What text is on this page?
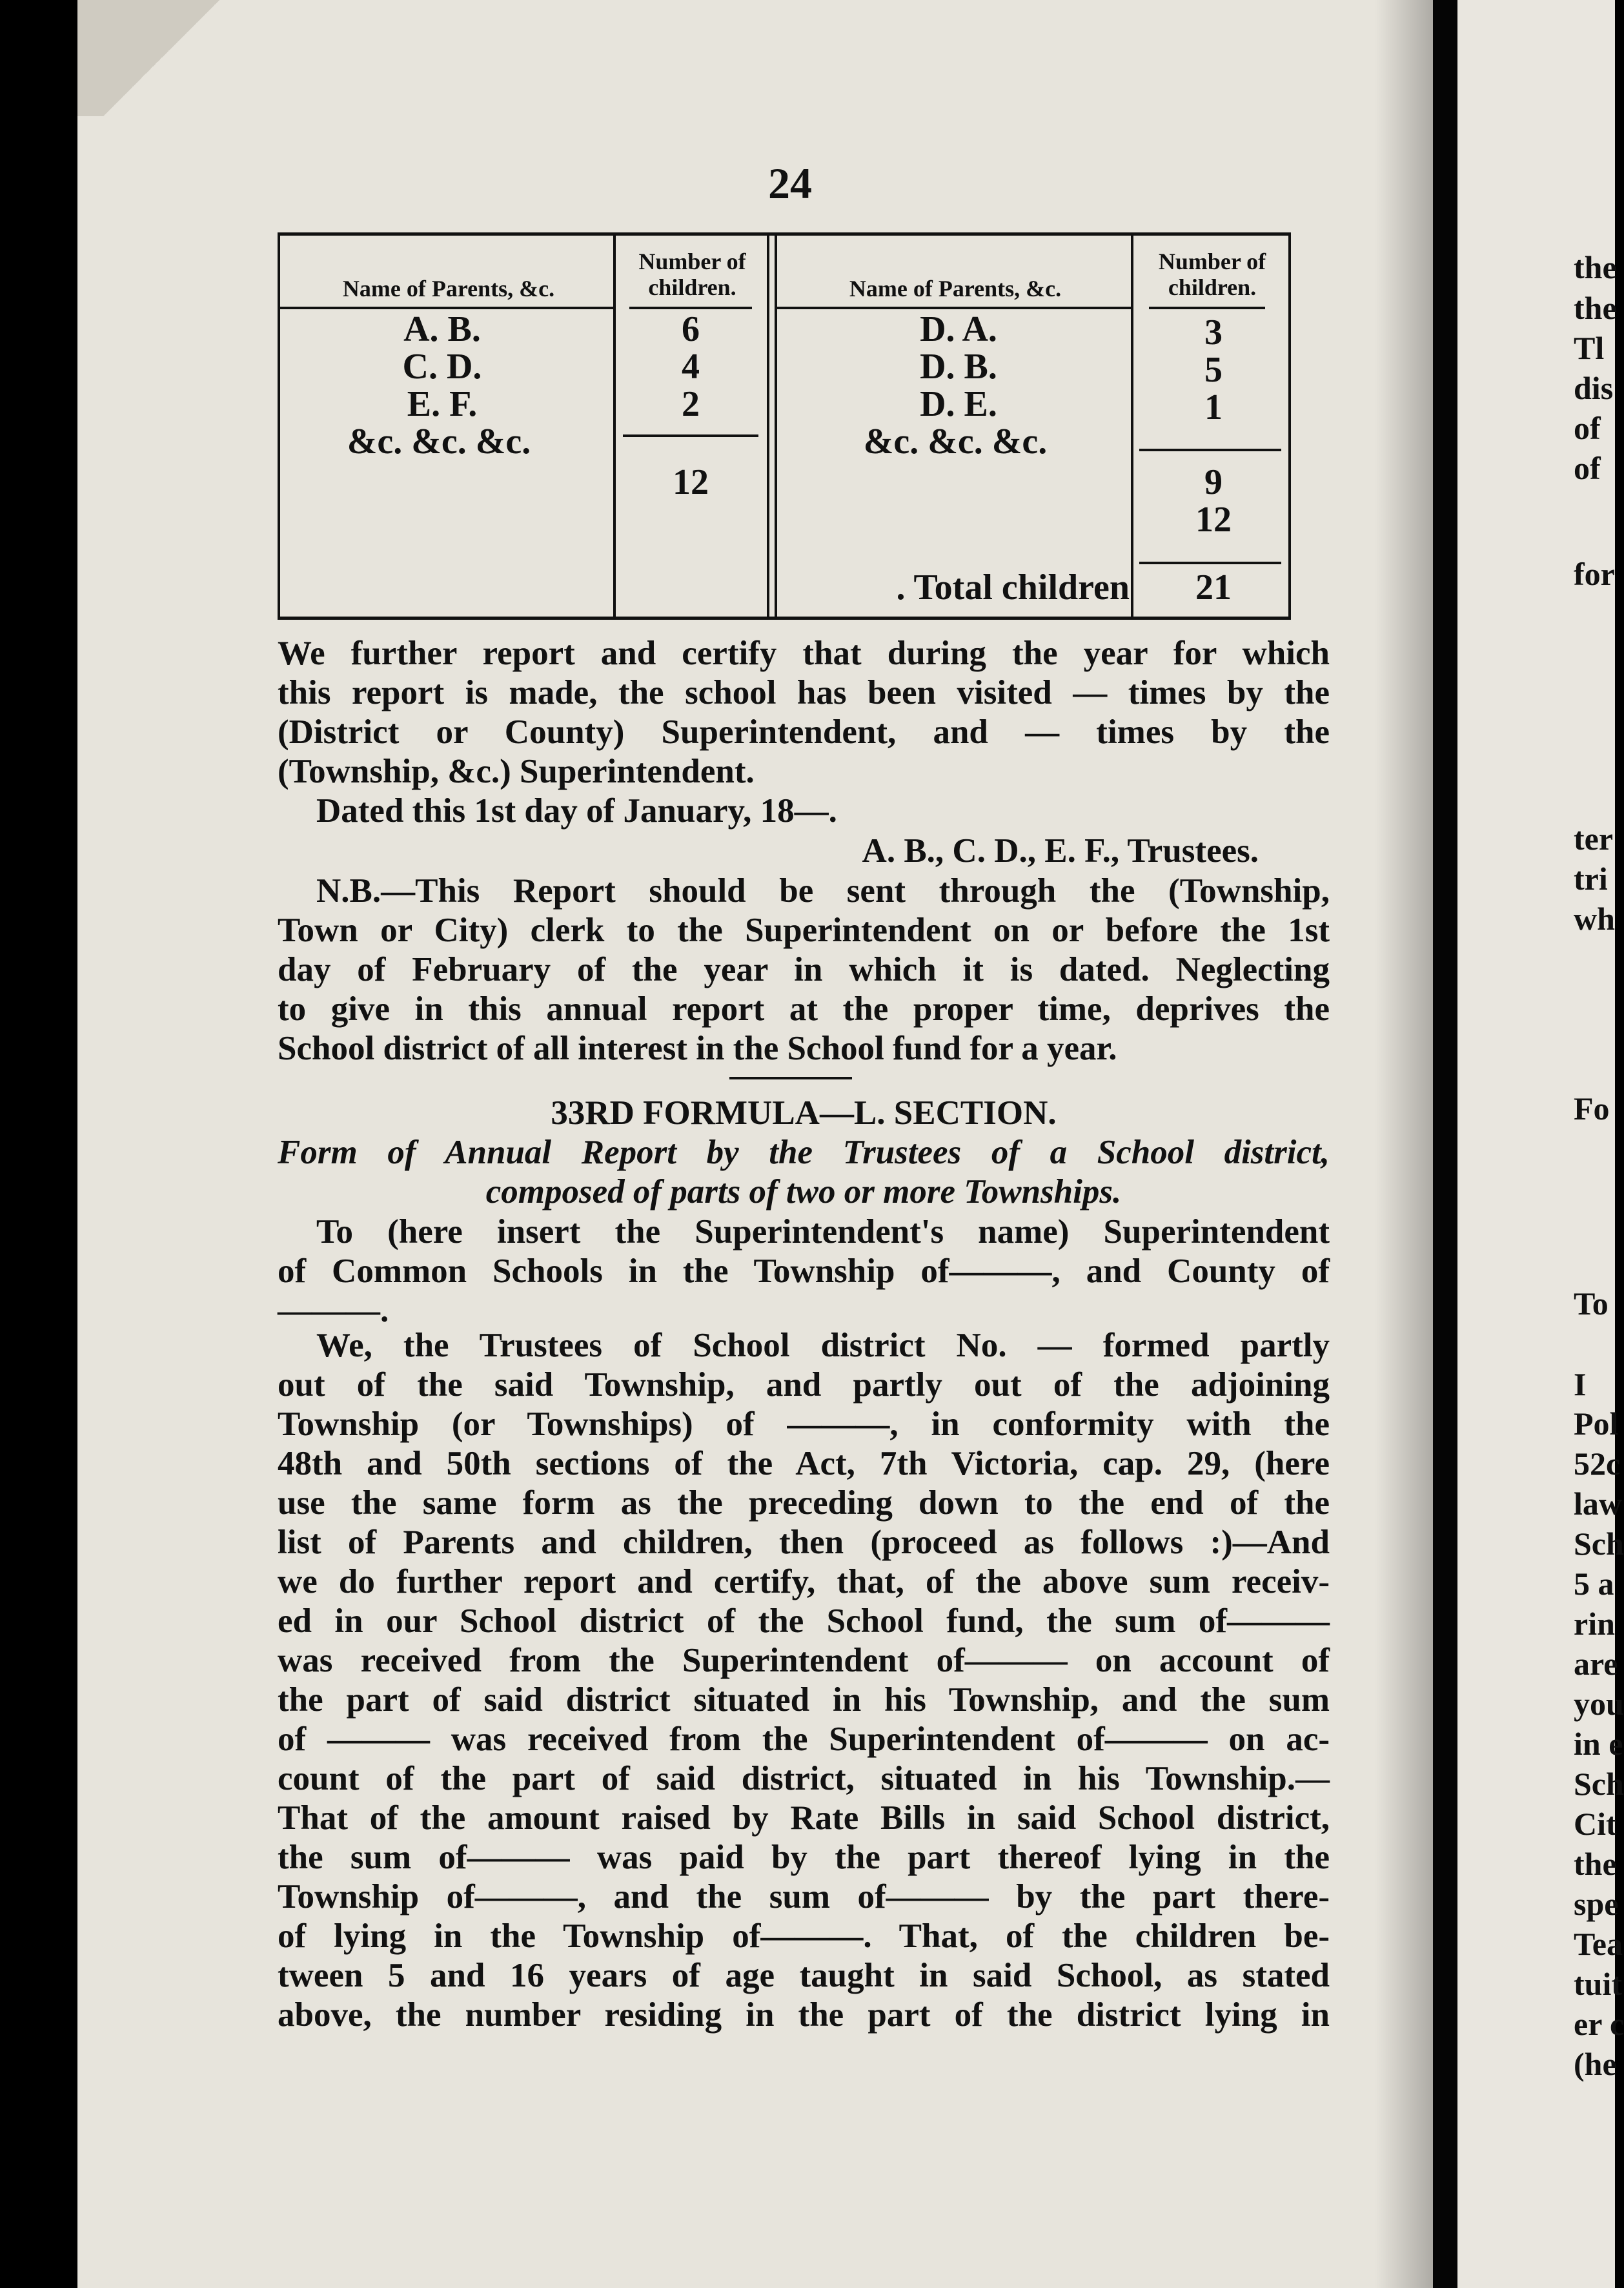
the
the
Tl
dis
of
of
for
ter
tri
wh
Fo
To
I
Pol
52c
law
Sch
5 a
rin
are
you
in e
Sch
Cit
the
spe
Tea
tuit
er c
(he
24
Name of Parents, &c.
Number of children.	Name of Parents, &c.
Number of children.
A. B.
C. D.
E. F.
&c. &c. &c.
6
4
2
12
D. A.
D. B.
D. E.
&c. &c. &c.
3
5
1
9
12
. Total children	21
We further report and certify that during the year for which
this report is made, the school has been visited — times by the
(District or County) Superintendent, and — times by the
(Township, &c.) Superintendent.
Dated this 1st day of January, 18—.
A. B., C. D., E. F., Trustees.
N.B.—This Report should be sent through the (Township,
Town or City) clerk to the Superintendent on or before the 1st
day of February of the year in which it is dated. Neglecting
to give in this annual report at the proper time, deprives the
School district of all interest in the School fund for a year.
33RD FORMULA—L. SECTION.
Form of Annual Report by the Trustees of a School district,
composed of parts of two or more Townships.
To (here insert the Superintendent's name) Superintendent
of Common Schools in the Township of———, and County of
———.
We, the Trustees of School district No. — formed partly
out of the said Township, and partly out of the adjoining
Township (or Townships) of ———, in conformity with the
48th and 50th sections of the Act, 7th Victoria, cap. 29, (here
use the same form as the preceding down to the end of the
list of Parents and children, then (proceed as follows :)—And
we do further report and certify, that, of the above sum receiv-
ed in our School district of the School fund, the sum of———
was received from the Superintendent of——— on account of
the part of said district situated in his Township, and the sum
of ——— was received from the Superintendent of——— on ac-
count of the part of said district, situated in his Township.—
That of the amount raised by Rate Bills in said School district,
the sum of——— was paid by the part thereof lying in the
Township of———, and the sum of——— by the part there-
of lying in the Township of———. That, of the children be-
tween 5 and 16 years of age taught in said School, as stated
above, the number residing in the part of the district lying in
